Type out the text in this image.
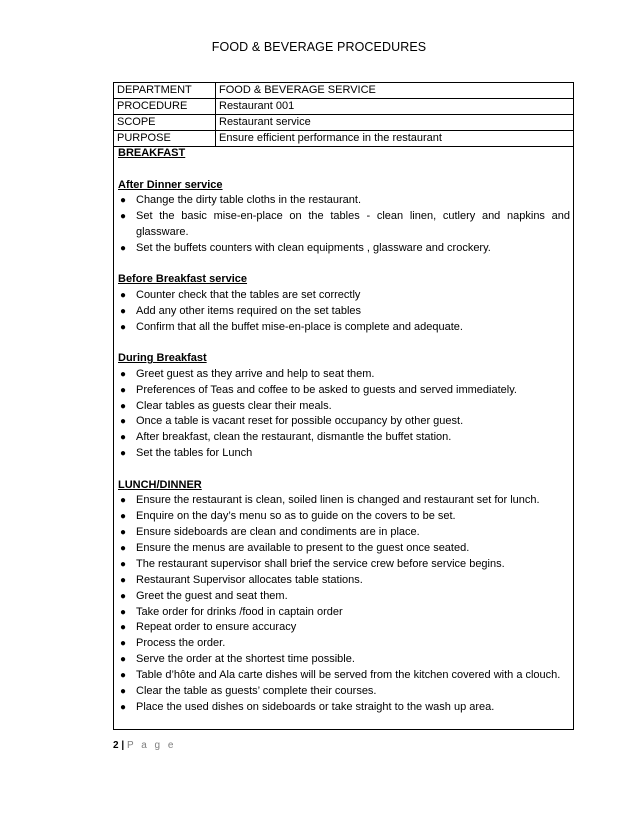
FOOD & BEVERAGE PROCEDURES
DEPARTMENT	FOOD & BEVERAGE SERVICE
PROCEDURE	Restaurant 001
SCOPE	Restaurant service
PURPOSE	Ensure efficient performance in the restaurant
BREAKFAST
After Dinner service
● Change the dirty table cloths in the restaurant.
● Set the basic mise-en-place on the tables - clean linen, cutlery and napkins and glassware.
● Set the buffets counters with clean equipments , glassware and crockery.
Before Breakfast service
● Counter check that the tables are set correctly
● Add any other items required on the set tables
● Confirm that all the buffet mise-en-place is complete and adequate.
During Breakfast
● Greet guest as they arrive and help to seat them.
● Preferences of Teas and coffee to be asked to guests and served immediately.
● Clear tables as guests clear their meals.
● Once a table is vacant reset for possible occupancy by other guest.
● After breakfast, clean the restaurant, dismantle the buffet station.
● Set the tables for Lunch
LUNCH/DINNER
● Ensure the restaurant is clean, soiled linen is changed and restaurant set for lunch.
● Enquire on the day’s menu so as to guide on the covers to be set.
● Ensure sideboards are clean and condiments are in place.
● Ensure the menus are available to present to the guest once seated.
● The restaurant supervisor shall brief the service crew before service begins.
● Restaurant Supervisor allocates table stations.
● Greet the guest and seat them.
● Take order for drinks /food in captain order
● Repeat order to ensure accuracy
● Process the order.
● Serve the order at the shortest time possible.
● Table d’hôte and Ala carte dishes will be served from the kitchen covered with a clouch.
● Clear the table as guests’ complete their courses.
● Place the used dishes on sideboards or take straight to the wash up area.
2 | P a g e
